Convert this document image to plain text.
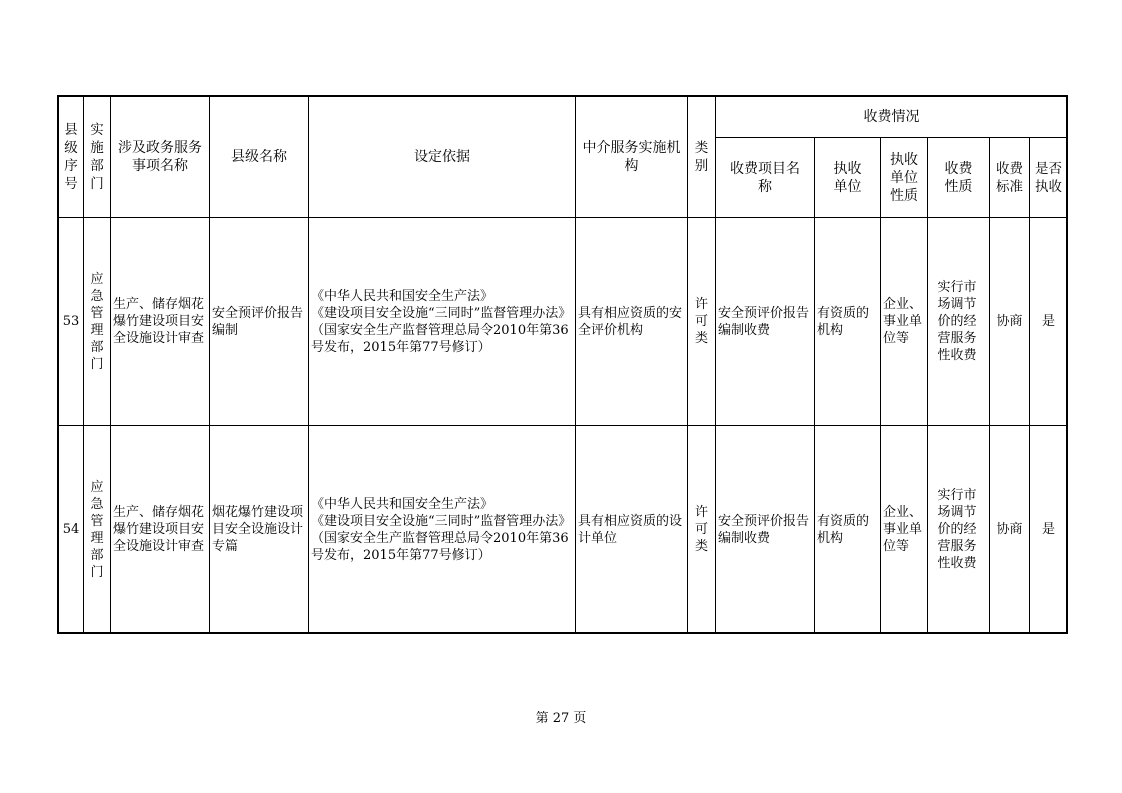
县级序号	实施部门	涉及政务服务事项名称	县级名称	设定依据	中介服务实施机构	类别	收费情况					

							收费项目名称	执收单位	执收单位性质	收费性质	收费标准	是否执收

53	应急管理部门	生产、储存烟花爆竹建设项目安全设施设计审查	安全预评价报告编制	《中华人民共和国安全生产法》
《建设项目安全设施“三同时”监督管理办法》（国家安全生产监督管理总局令2010年第36号发布，2015年第77号修订）	具有相应资质的安全评价机构	许可类	安全预评价报告编制收费	有资质的机构	企业、事业单位等	实行市场调节价的经营服务性收费	协商	是
54	应急管理部门	生产、储存烟花爆竹建设项目安全设施设计审查	烟花爆竹建设项目安全设施设计专篇	《中华人民共和国安全生产法》
《建设项目安全设施“三同时”监督管理办法》（国家安全生产监督管理总局令2010年第36号发布，2015年第77号修订）	具有相应资质的设计单位	许可类	安全预评价报告编制收费	有资质的机构	企业、事业单位等	实行市场调节价的经营服务性收费	协商	是
第 27 页
